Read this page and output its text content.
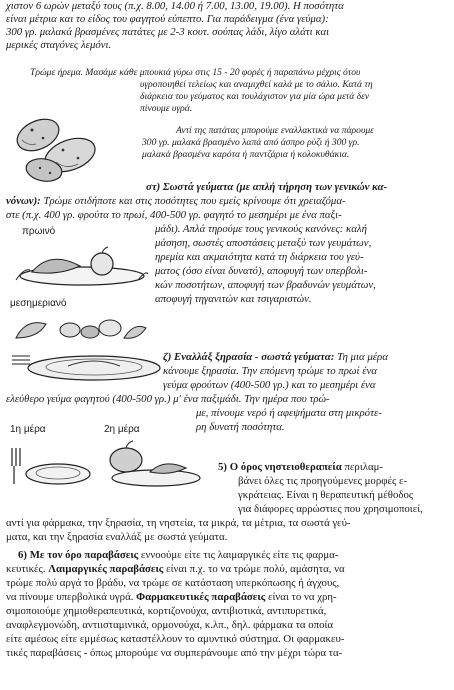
χιστον 6 ωρών μεταξύ τους (π.χ. 8.00, 14.00 ή 7.00, 13.00, 19.00). Η ποσότητα
είναι μέτρια και το είδος του φαγητού εύπεπτο. Για παράδειγμα (ένα γεύμα):
300 γρ. μαλακά βρασμένες πατάτες με 2-3 κουτ. σούπας λάδι, λίγο αλάτι και
μερικές σταγόνες λεμόνι.
Τρώμε ήρεμα. Μασάμε κάθε μπουκιά γύρω στις 15 - 20 φορές ή παραπάνω μέχρις ότου
υγροποιηθεί τελείως και αναμιχθεί καλά με το σάλιο. Κατά τη
διάρκεια του γεύματος και τουλάχιστον για μία ώρα μετά δεν
πίνουμε υγρά.
Αντί της πατάτας μπορούμε εναλλακτικά να πάρουμε
300 γρ. μαλακά βρασμένο λαπά από άσπρο ρύζι ή 300 γρ.
μαλακά βρασμένα καρότα ή παντζάρια ή κολοκυθάκια.
στ) Σωστά γεύματα (με απλή τήρηση των γενικών κα-
νόνων): Τρώμε οτιδήποτε και στις ποσότητες που εμείς κρίνουμε ότι χρειαζόμα-
στε (π.χ. 400 γρ. φρούτα το πρωί, 400-500 γρ. φαγητό το μεσημέρι με ένα παξι-
μάδι). Απλά τηρούμε τους γενικούς κανόνες: καλή
μάσηση, σωστές αποστάσεις μεταξύ των γευμάτων,
ηρεμία και ακμαιότητα κατά τη διάρκεια του γεύ-
ματος (όσο είναι δυνατό), αποφυγή των υπερβολι-
κών ποσοτήτων, αποφυγή των βραδυνών γευμάτων,
αποφυγή τηγανιτών και τσιγαριστών.
πρωινό
μεσημεριανό
ζ) Εναλλάξ ξηρασία - σωστά γεύματα: Τη μια μέρα
κάνουμε ξηρασία. Την επόμενη τρώμε το πρωί ένα
γεύμα φρούτων (400-500 γρ.) και το μεσημέρι ένα
ελεύθερο γεύμα φαγητού (400-500 γρ.) μ' ένα παξιμάδι. Την ημέρα που τρώ-
με, πίνουμε νερό ή αφεψήματα στη μικρότε-
ρη δυνατή ποσότητα.
1η μέρα	2η μέρα
5) Ο όρος νηστειοθεραπεία περιλαμ-
βάνει όλες τις προηγούμενες μορφές ε-
γκράτειας. Είναι η θεραπευτική μέθοδος
για διάφορες αρρώστιες που χρησιμοποιεί,
αντί για φάρμακα, την ξηρασία, τη νηστεία, τα μικρά, τα μέτρια, τα σωστά γεύ-
ματα, και την ξηρασία εναλλάξ με σωστά γεύματα.
6) Με τον όρο παραβάσεις εννοούμε είτε τις λαιμαργικές είτε τις φαρμα-
κευτικές. Λαιμαργικές παραβάσεις είναι π.χ. το να τρώμε πολύ, αμάσητα, να
τρώμε πολύ αργά το βράδυ, να τρώμε σε κατάσταση υπερκόπωσης ή άγχους,
να πίνουμε υπερβολικά υγρά. Φαρμακευτικές παραβάσεις είναι το να χρη-
σιμοποιούμε χημιοθεραπευτικά, κορτιζονούχα, αντιβιοτικά, αντιπυρετικά,
αναφλεγμονώδη, αντιισταμινικά, ορμονούχα, κ.λπ., δηλ. φάρμακα τα οποία
είτε αμέσως είτε εμμέσως καταστέλλουν το αμυντικό σύστημα. Οι φαρμακευ-
τικές παραβάσεις - όπως μπορούμε να συμπεράνουμε από την μέχρι τώρα τα-
